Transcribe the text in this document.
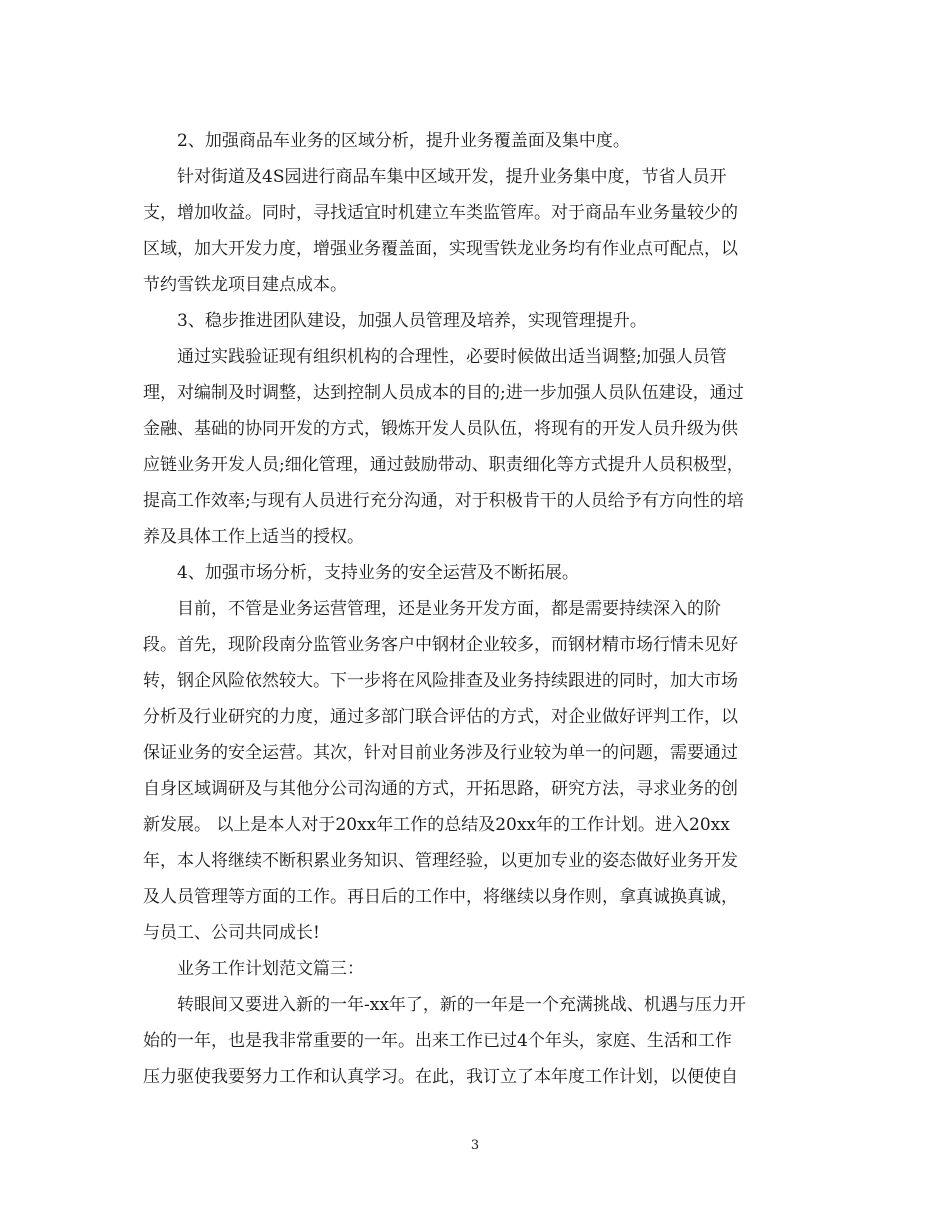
　　2、加强商品车业务的区域分析，提升业务覆盖面及集中度。
　　针对街道及4S园进行商品车集中区域开发，提升业务集中度，节省人员开
支，增加收益。同时，寻找适宜时机建立车类监管库。对于商品车业务量较少的
区域，加大开发力度，增强业务覆盖面，实现雪铁龙业务均有作业点可配点，以
节约雪铁龙项目建点成本。
　　3、稳步推进团队建设，加强人员管理及培养，实现管理提升。
　　通过实践验证现有组织机构的合理性，必要时候做出适当调整;加强人员管
理，对编制及时调整，达到控制人员成本的目的;进一步加强人员队伍建设，通过
金融、基础的协同开发的方式，锻炼开发人员队伍，将现有的开发人员升级为供
应链业务开发人员;细化管理，通过鼓励带动、职责细化等方式提升人员积极型，
提高工作效率;与现有人员进行充分沟通，对于积极肯干的人员给予有方向性的培
养及具体工作上适当的授权。
　　4、加强市场分析，支持业务的安全运营及不断拓展。
　　目前，不管是业务运营管理，还是业务开发方面，都是需要持续深入的阶
段。首先，现阶段南分监管业务客户中钢材企业较多，而钢材精市场行情未见好
转，钢企风险依然较大。下一步将在风险排查及业务持续跟进的同时，加大市场
分析及行业研究的力度，通过多部门联合评估的方式，对企业做好评判工作，以
保证业务的安全运营。其次，针对目前业务涉及行业较为单一的问题，需要通过
自身区域调研及与其他分公司沟通的方式，开拓思路，研究方法，寻求业务的创
新发展。 以上是本人对于20xx年工作的总结及20xx年的工作计划。进入20xx
年，本人将继续不断积累业务知识、管理经验，以更加专业的姿态做好业务开发
及人员管理等方面的工作。再日后的工作中，将继续以身作则，拿真诚换真诚，
与员工、公司共同成长!
　　业务工作计划范文篇三：
　　转眼间又要进入新的一年-xx年了，新的一年是一个充满挑战、机遇与压力开
始的一年，也是我非常重要的一年。出来工作已过4个年头，家庭、生活和工作
压力驱使我要努力工作和认真学习。在此，我订立了本年度工作计划，以便使自
3
